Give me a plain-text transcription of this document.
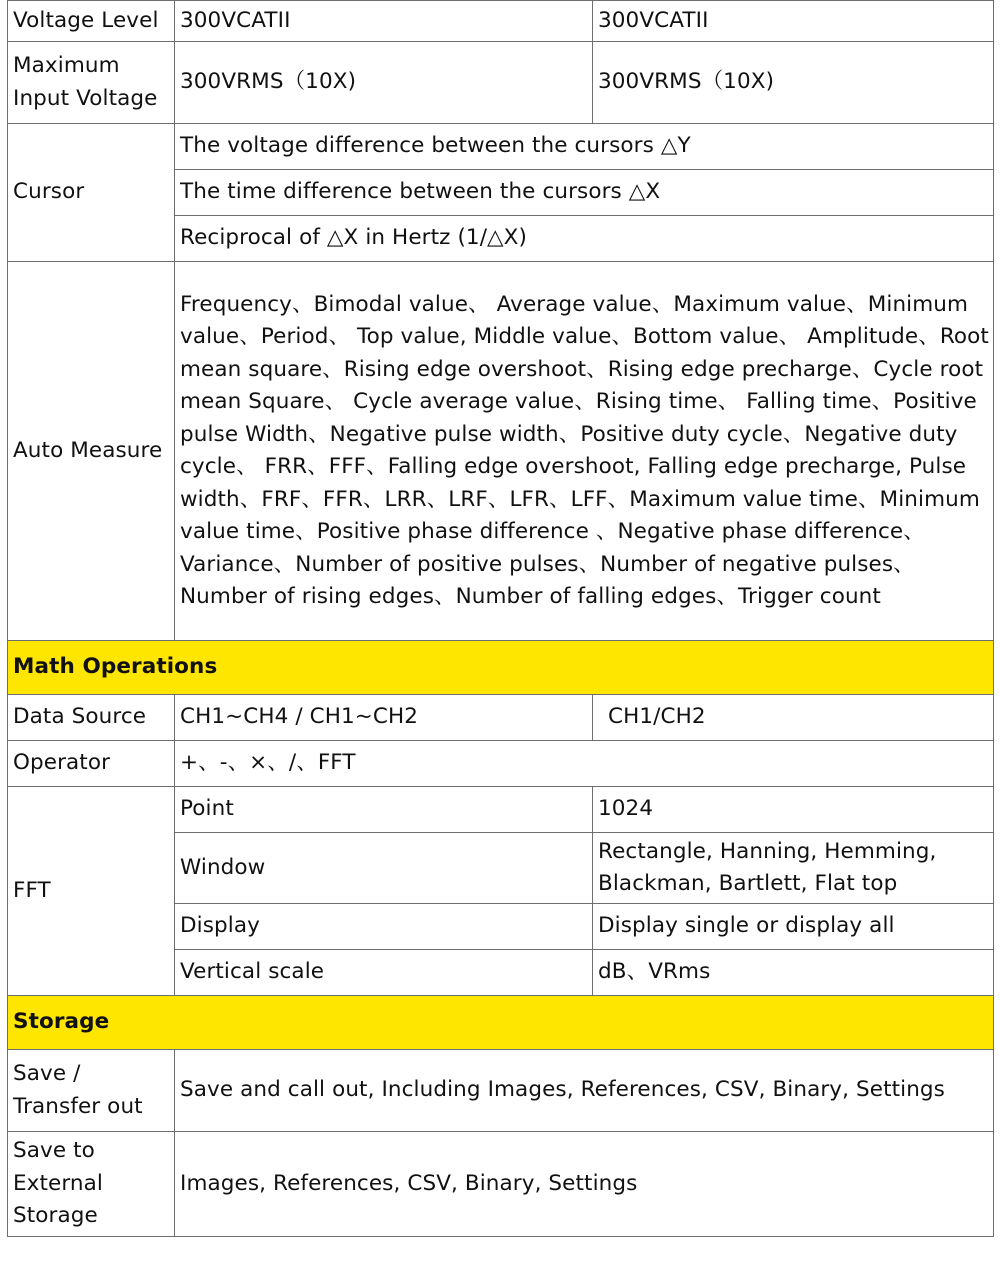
Voltage Level	300VCATII	300VCATII
Maximum Input Voltage	300VRMS（10X)	300VRMS（10X)
Cursor	The voltage difference between the cursors △Y	
	The time difference between the cursors △X	
	Reciprocal of △X in Hertz (1/△X)	
Auto Measure	Frequency、Bimodal value、 Average value、Maximum value、Minimum value、Period、 Top value, Middle value、Bottom value、 Amplitude、Root mean square、Rising edge overshoot、Rising edge precharge、Cycle root mean Square、 Cycle average value、Rising time、 Falling time、Positive pulse Width、Negative pulse width、Positive duty cycle、Negative duty cycle、 FRR、FFF、Falling edge overshoot, Falling edge precharge, Pulse width、FRF、FFR、LRR、LRF、LFR、LFF、Maximum value time、Minimum value time、Positive phase difference 、Negative phase difference、Variance、Number of positive pulses、Number of negative pulses、Number of rising edges、Number of falling edges、Trigger count	
Math Operations		
Data Source	CH1~CH4 / CH1~CH2	CH1/CH2
Operator	+、-、×、/、FFT	
FFT	Point	1024
	Window	Rectangle, Hanning, Hemming, Blackman, Bartlett, Flat top
	Display	Display single or display all
	Vertical scale	dB、VRms
Storage		
Save / Transfer out	Save and call out, Including Images, References, CSV, Binary, Settings	
Save to External Storage	Images, References, CSV, Binary, Settings	
